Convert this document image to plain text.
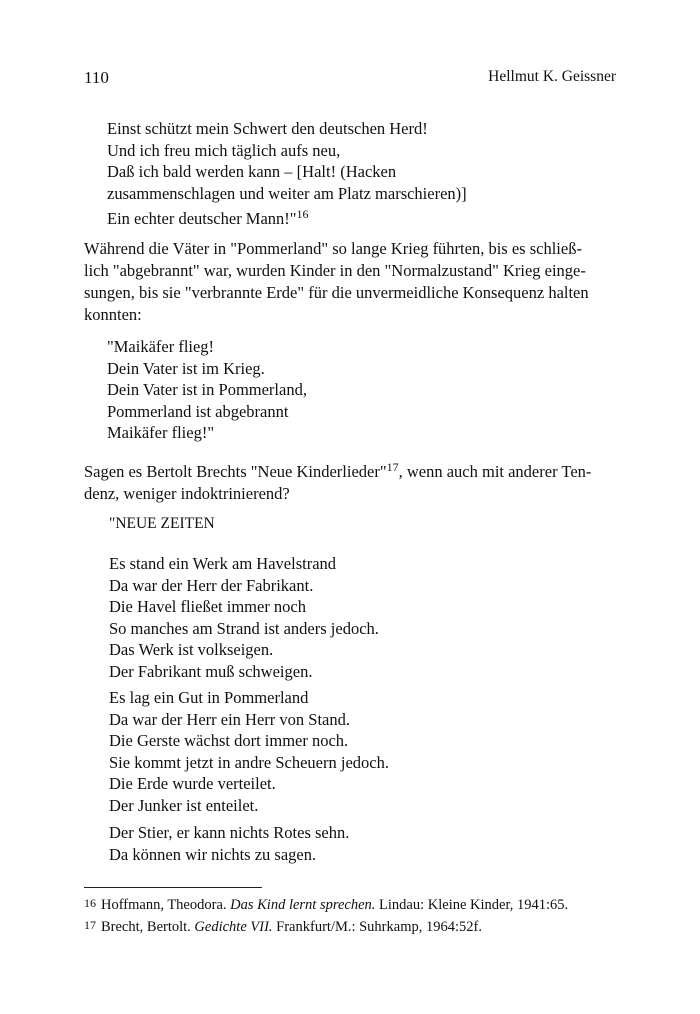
110	Hellmut K. Geissner
Einst schützt mein Schwert den deutschen Herd!
Und ich freu mich täglich aufs neu,
Daß ich bald werden kann – [Halt! (Hacken
zusammenschlagen und weiter am Platz marschieren)]
Ein echter deutscher Mann!"$^{16}$
Während die Väter in "Pommerland" so lange Krieg führten, bis es schließ-
lich "abgebrannt" war, wurden Kinder in den "Normalzustand" Krieg einge-
sungen, bis sie "verbrannte Erde" für die unvermeidliche Konsequenz halten
konnten:
"Maikäfer flieg!
Dein Vater ist im Krieg.
Dein Vater ist in Pommerland,
Pommerland ist abgebrannt
Maikäfer flieg!"
Sagen es Bertolt Brechts "Neue Kinderlieder"$^{17}$, wenn auch mit anderer Ten-
denz, weniger indoktrinierend?
"NEUE ZEITEN
Es stand ein Werk am Havelstrand
Da war der Herr der Fabrikant.
Die Havel fließet immer noch
So manches am Strand ist anders jedoch.
Das Werk ist volkseigen.
Der Fabrikant muß schweigen.
Es lag ein Gut in Pommerland
Da war der Herr ein Herr von Stand.
Die Gerste wächst dort immer noch.
Sie kommt jetzt in andre Scheuern jedoch.
Die Erde wurde verteilet.
Der Junker ist enteilet.
Der Stier, er kann nichts Rotes sehn.
Da können wir nichts zu sagen.
16 Hoffmann, Theodora. Das Kind lernt sprechen. Lindau: Kleine Kinder, 1941:65.
17 Brecht, Bertolt. Gedichte VII. Frankfurt/M.: Suhrkamp, 1964:52f.
